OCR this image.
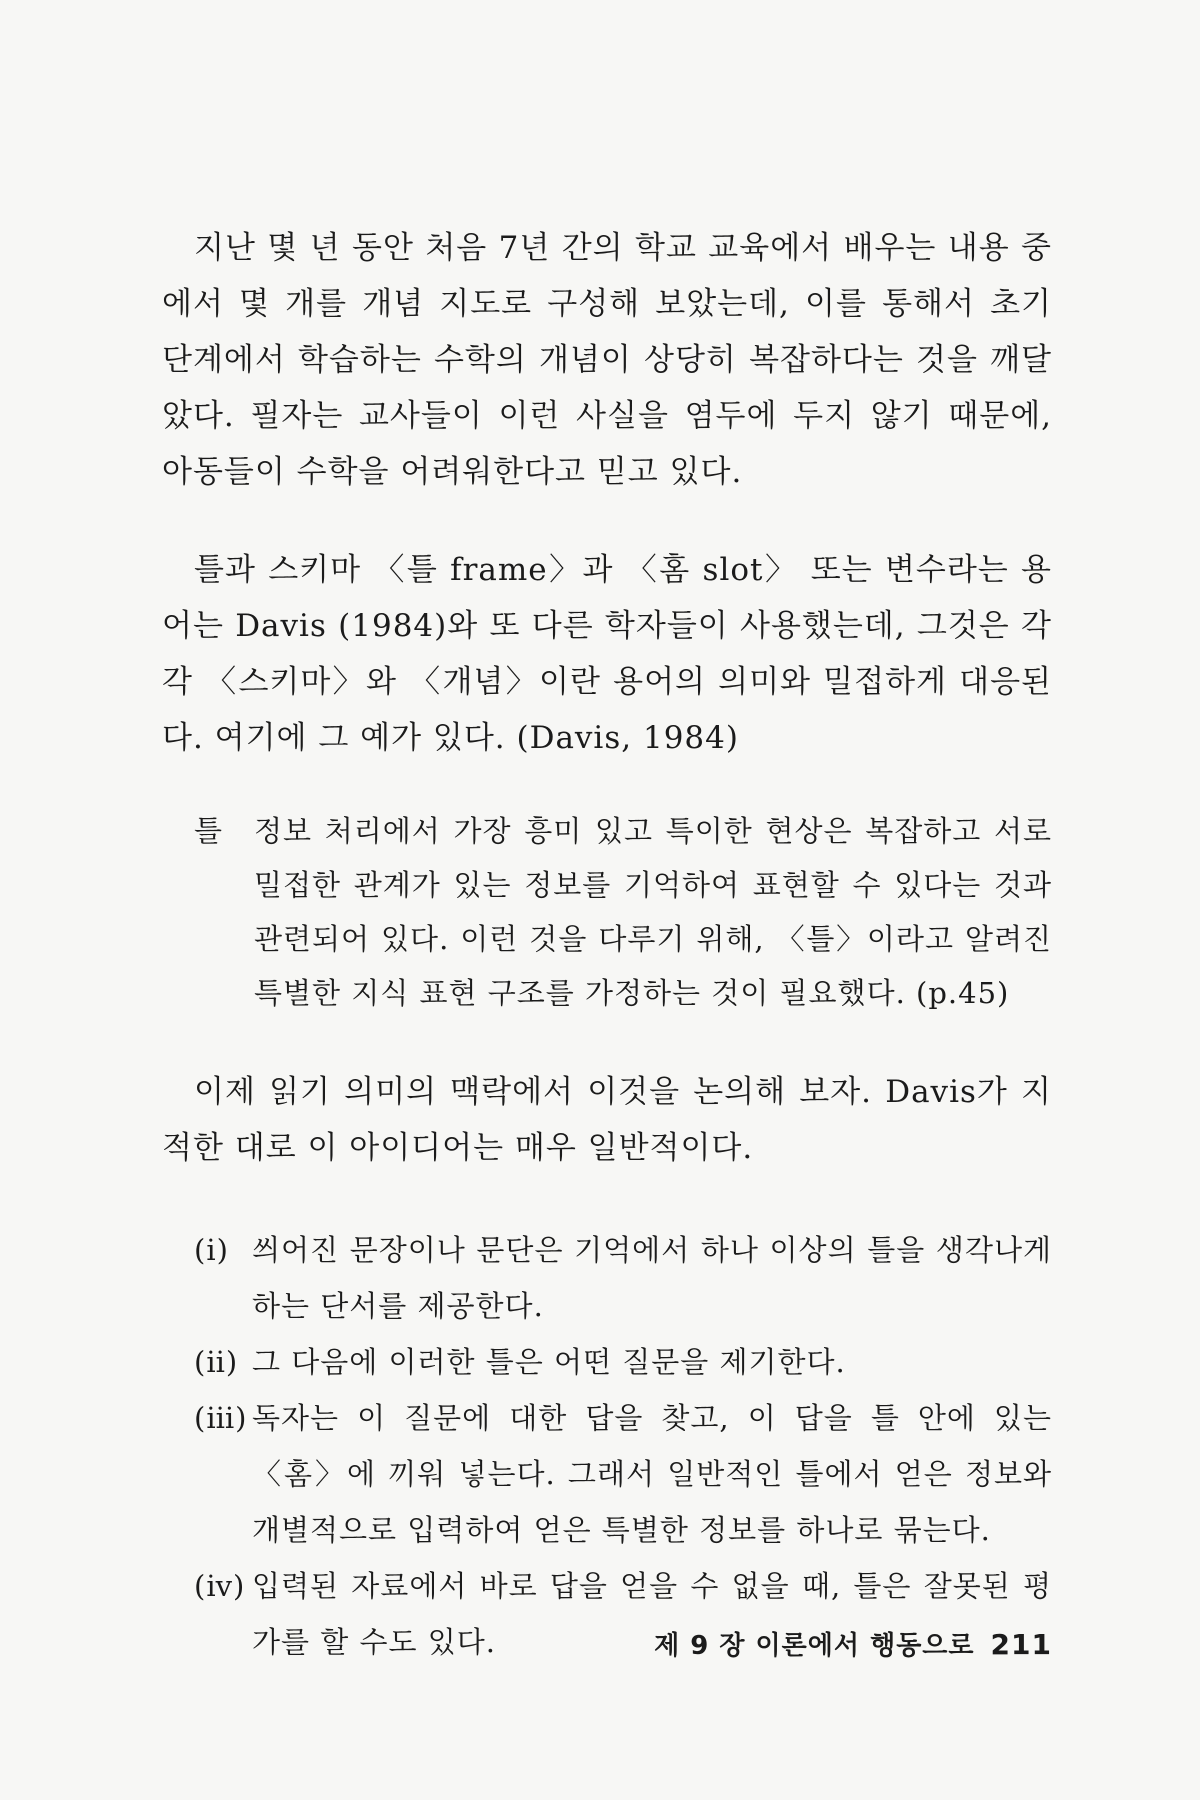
지난 몇 년 동안 처음 7년 간의 학교 교육에서 배우는 내용 중에서 몇 개를 개념 지도로 구성해 보았는데, 이를 통해서 초기 단계에서 학습하는 수학의 개념이 상당히 복잡하다는 것을 깨달았다. 필자는 교사들이 이런 사실을 염두에 두지 않기 때문에, 아동들이 수학을 어려워한다고 믿고 있다.

틀과 스키마 〈틀 frame〉과 〈홈 slot〉 또는 변수라는 용어는 Davis (1984)와 또 다른 학자들이 사용했는데, 그것은 각각 〈스키마〉와 〈개념〉이란 용어의 의미와 밀접하게 대응된다. 여기에 그 예가 있다. (Davis, 1984)

틀	정보 처리에서 가장 흥미 있고 특이한 현상은 복잡하고 서로 밀접한 관계가 있는 정보를 기억하여 표현할 수 있다는 것과 관련되어 있다. 이런 것을 다루기 위해, 〈틀〉이라고 알려진 특별한 지식 표현 구조를 가정하는 것이 필요했다. (p.45)

이제 읽기 의미의 맥락에서 이것을 논의해 보자. Davis가 지적한 대로 이 아이디어는 매우 일반적이다.

(ⅰ) 씌어진 문장이나 문단은 기억에서 하나 이상의 틀을 생각나게 하는 단서를 제공한다.
(ⅱ) 그 다음에 이러한 틀은 어떤 질문을 제기한다.
(ⅲ) 독자는 이 질문에 대한 답을 찾고, 이 답을 틀 안에 있는 〈홈〉에 끼워 넣는다. 그래서 일반적인 틀에서 얻은 정보와 개별적으로 입력하여 얻은 특별한 정보를 하나로 묶는다.
(ⅳ) 입력된 자료에서 바로 답을 얻을 수 없을 때, 틀은 잘못된 평가를 할 수도 있다.	제 9 장 이론에서 행동으로 211
